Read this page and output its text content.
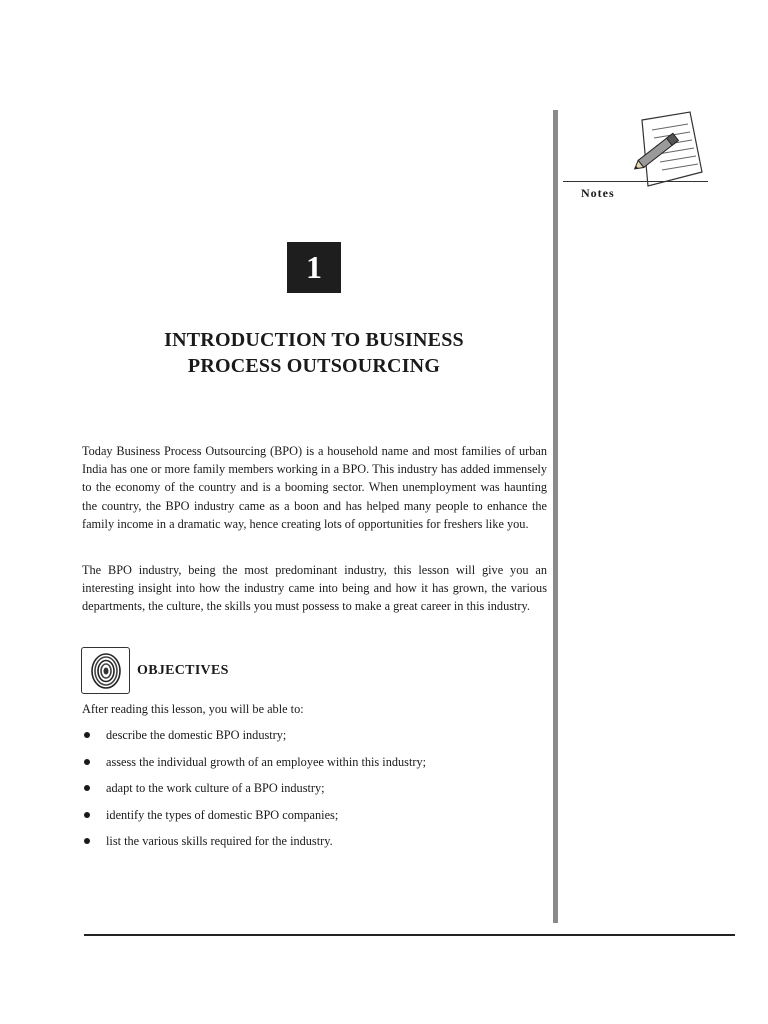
Notes
1
INTRODUCTION TO BUSINESS
PROCESS OUTSOURCING

Today Business Process Outsourcing (BPO) is a household name and most families of urban India has one or more family members working in a BPO. This industry has added immensely to the economy of the country and is a booming sector. When unemployment was haunting the country, the BPO industry came as a boon and has helped many people to enhance the family income in a dramatic way, hence creating lots of opportunities for freshers like you.

The BPO industry, being the most predominant industry, this lesson will give you an interesting insight into how the industry came into being and how it has grown, the various departments, the culture, the skills you must possess to make a great career in this industry.

OBJECTIVES
After reading this lesson, you will be able to:
describe the domestic BPO industry;
assess the individual growth of an employee within this industry;
adapt to the work culture of a BPO industry;
identify the types of domestic BPO companies;
list the various skills required for the industry.
